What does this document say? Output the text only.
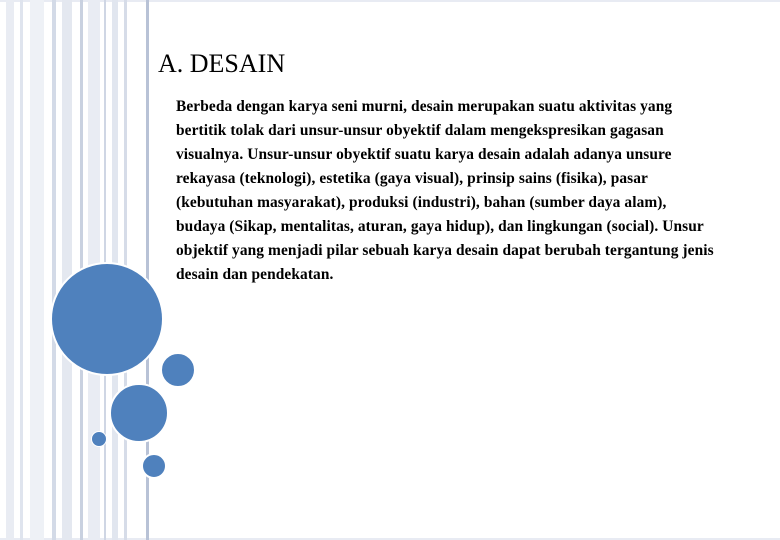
A. DESAIN

Berbeda dengan karya seni murni, desain merupakan suatu aktivitas yang bertitik tolak dari unsur-unsur obyektif dalam mengekspresikan gagasan visualnya. Unsur-unsur obyektif suatu karya desain adalah adanya unsure rekayasa (teknologi), estetika (gaya visual), prinsip sains (fisika), pasar (kebutuhan masyarakat), produksi (industri), bahan (sumber daya alam), budaya (Sikap, mentalitas, aturan, gaya hidup), dan lingkungan (social). Unsur objektif yang menjadi pilar sebuah karya desain dapat berubah tergantung jenis desain dan pendekatan.
